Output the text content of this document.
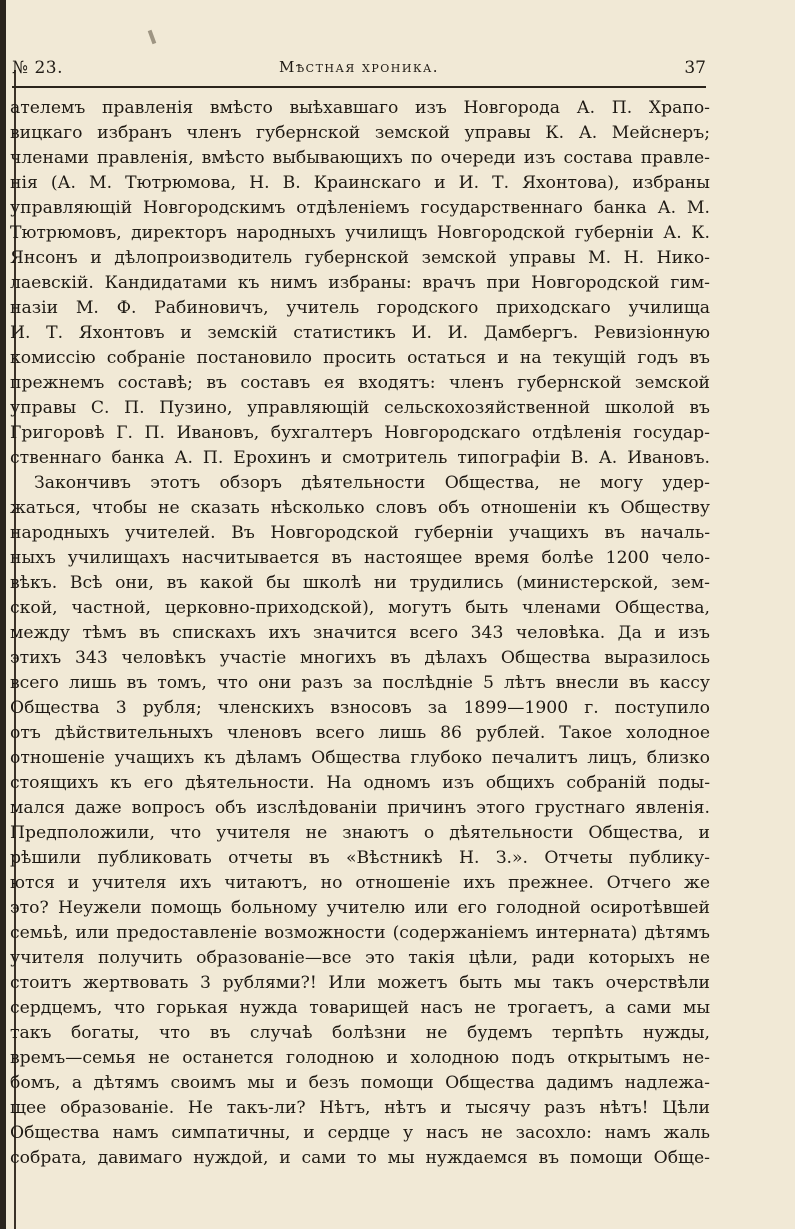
№ 23.	Мѣстная хроника.	37
ателемъ правленія вмѣсто выѣхавшаго изъ Новгорода А. П. Храпо-
вицкаго избранъ членъ губернской земской управы К. А. Мейснеръ;
членами правленія, вмѣсто выбывающихъ по очереди изъ состава правле-
нія (А. М. Тютрюмова, Н. В. Краинскаго и И. Т. Яхонтова), избраны
управляющій Новгородскимъ отдѣленіемъ государственнаго банка А. М.
Тютрюмовъ, директоръ народныхъ училищъ Новгородской губерніи А. К.
Янсонъ и дѣлопроизводитель губернской земской управы М. Н. Нико-
лаевскій. Кандидатами къ нимъ избраны: врачъ при Новгородской гим-
назіи М. Ф. Рабиновичъ, учитель городского приходскаго училища
И. Т. Яхонтовъ и земскій статистикъ И. И. Дамбергъ. Ревизіонную
комиссію собраніе постановило просить остаться и на текущій годъ въ
прежнемъ составѣ; въ составъ ея входятъ: членъ губернской земской
управы С. П. Пузино, управляющій сельскохозяйственной школой въ
Григоровѣ Г. П. Ивановъ, бухгалтеръ Новгородскаго отдѣленія государ-
ственнаго банка А. П. Ерохинъ и смотритель типографіи В. А. Ивановъ.
Закончивъ этотъ обзоръ дѣятельности Общества, не могу удер-
жаться, чтобы не сказать нѣсколько словъ объ отношеніи къ Обществу
народныхъ учителей. Въ Новгородской губерніи учащихъ въ началь-
ныхъ училищахъ насчитывается въ настоящее время болѣе 1200 чело-
вѣкъ. Всѣ они, въ какой бы школѣ ни трудились (министерской, зем-
ской, частной, церковно-приходской), могутъ быть членами Общества,
между тѣмъ въ спискахъ ихъ значится всего 343 человѣка. Да и изъ
этихъ 343 человѣкъ участіе многихъ въ дѣлахъ Общества выразилось
всего лишь въ томъ, что они разъ за послѣдніе 5 лѣтъ внесли въ кассу
Общества 3 рубля; членскихъ взносовъ за 1899—1900 г. поступило
отъ дѣйствительныхъ членовъ всего лишь 86 рублей. Такое холодное
отношеніе учащихъ къ дѣламъ Общества глубоко печалитъ лицъ, близко
стоящихъ къ его дѣятельности. На одномъ изъ общихъ собраній поды-
мался даже вопросъ объ изслѣдованіи причинъ этого грустнаго явленія.
Предположили, что учителя не знаютъ о дѣятельности Общества, и
рѣшили публиковать отчеты въ «Вѣстникѣ Н. З.». Отчеты публику-
ются и учителя ихъ читаютъ, но отношеніе ихъ прежнее. Отчего же
это? Неужели помощь больному учителю или его голодной осиротѣвшей
семьѣ, или предоставленіе возможности (содержаніемъ интерната) дѣтямъ
учителя получить образованіе—все это такія цѣли, ради которыхъ не
стоитъ жертвовать 3 рублями?! Или можетъ быть мы такъ очерствѣли
сердцемъ, что горькая нужда товарищей насъ не трогаетъ, а сами мы
такъ богаты, что въ случаѣ болѣзни не будемъ терпѣть нужды,
времъ—семья не останется голодною и холодною подъ открытымъ не-
бомъ, а дѣтямъ своимъ мы и безъ помощи Общества дадимъ надлежа-
щее образованіе. Не такъ-ли? Нѣтъ, нѣтъ и тысячу разъ нѣтъ! Цѣли
Общества намъ симпатичны, и сердце у насъ не засохло: намъ жаль
собрата, давимаго нуждой, и сами то мы нуждаемся въ помощи Обще-
